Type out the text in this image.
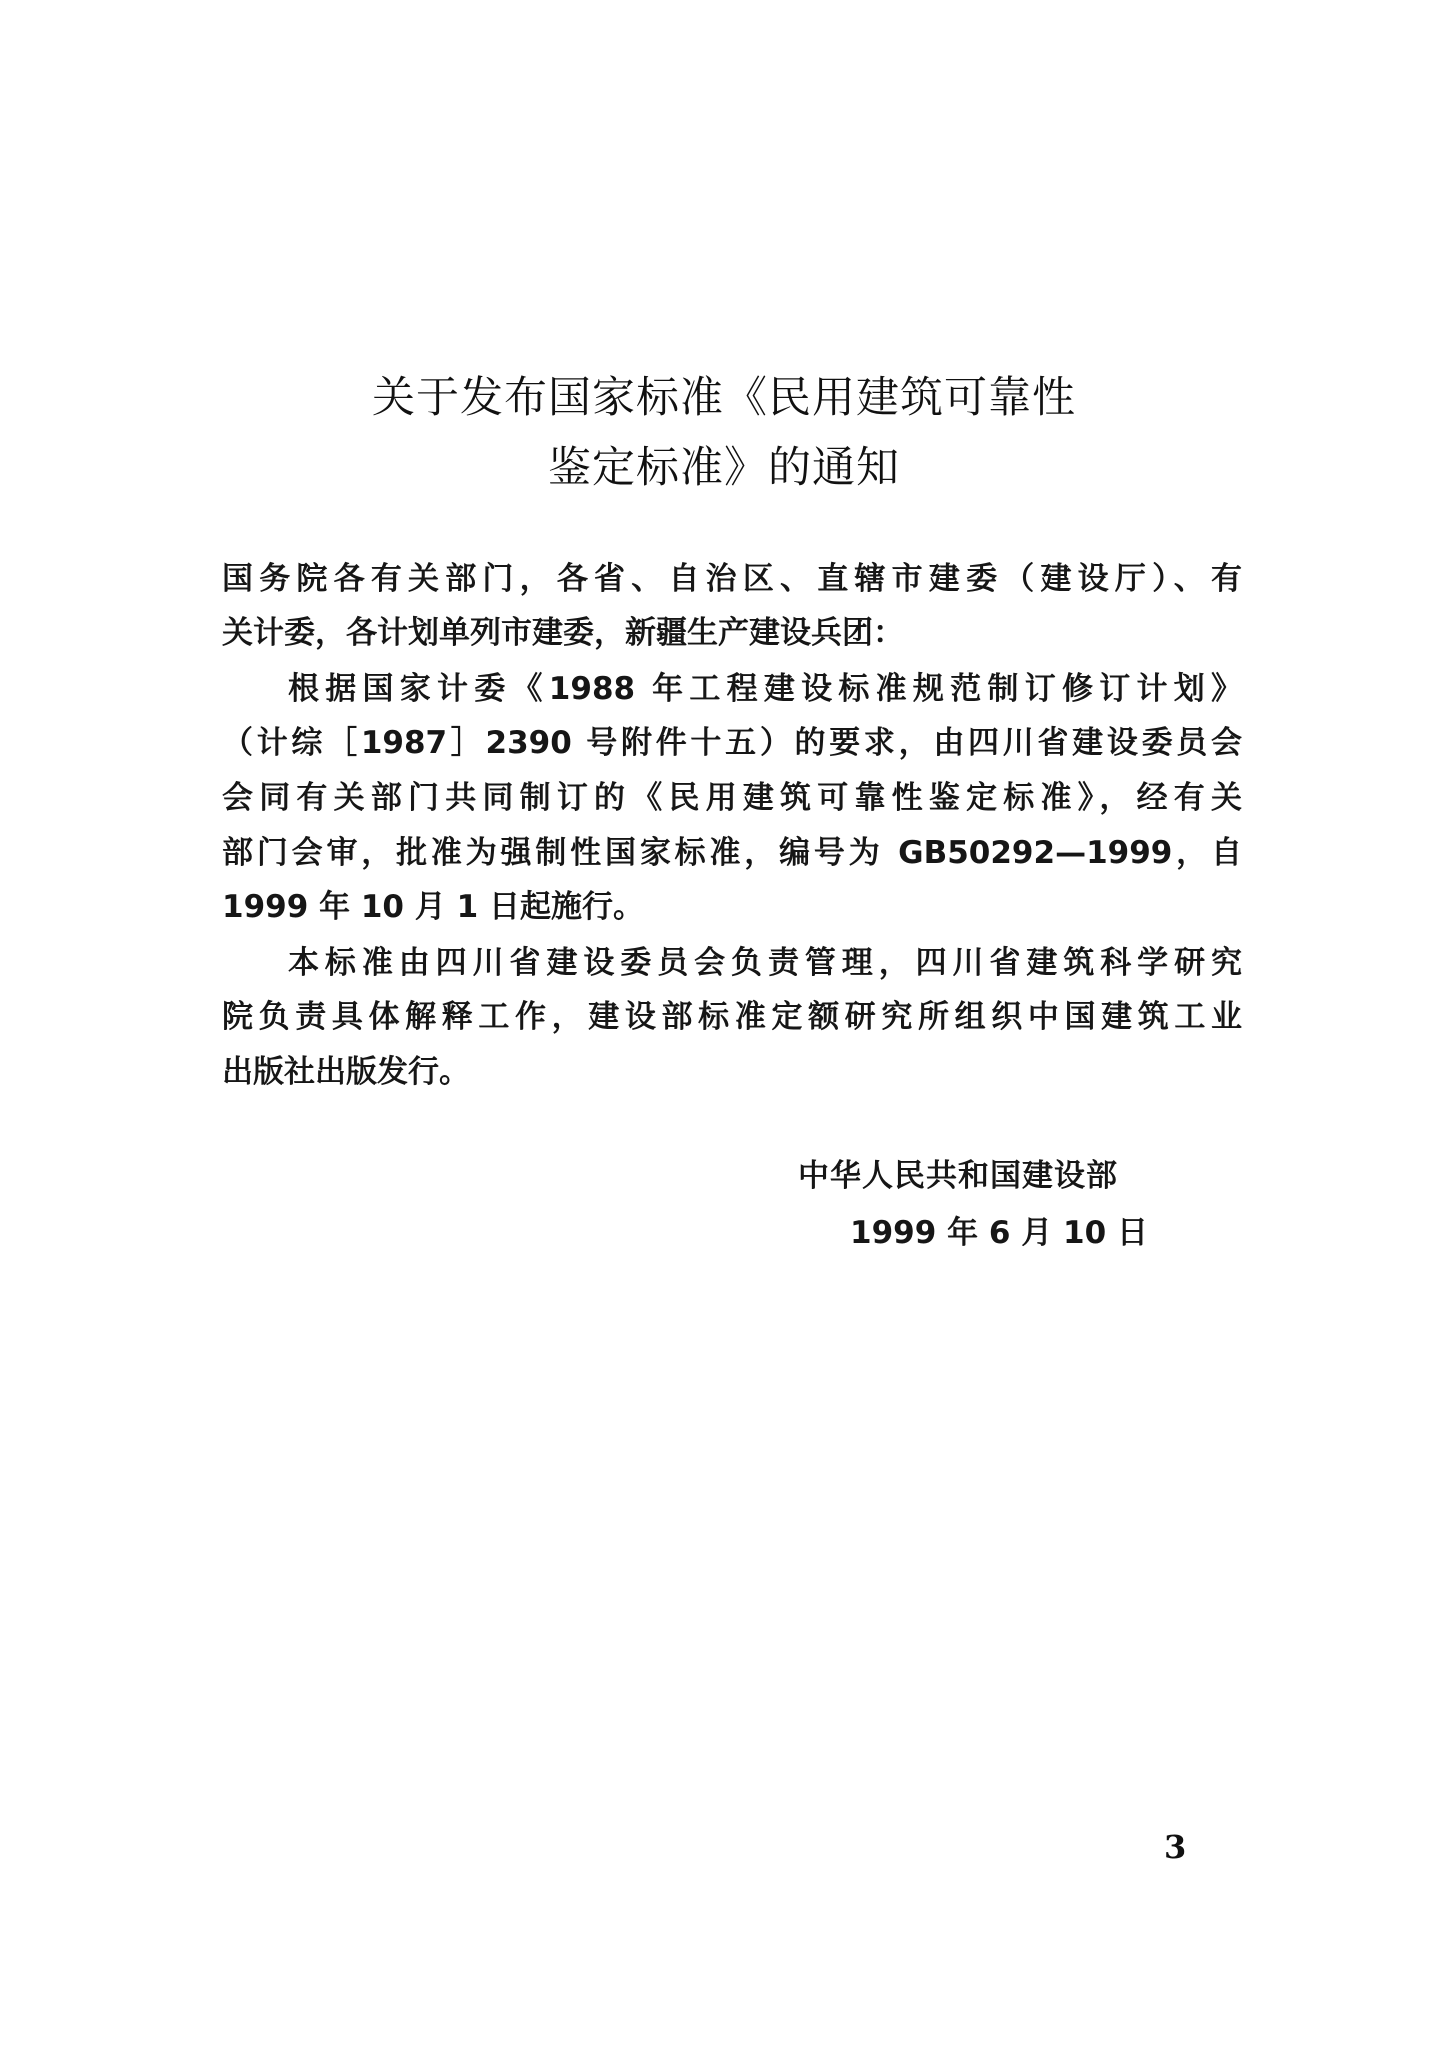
关于发布国家标准《民用建筑可靠性
鉴定标准》的通知
国务院各有关部门，各省、自治区、直辖市建委（建设厅）、有
关计委，各计划单列市建委，新疆生产建设兵团：
根据国家计委《1988 年工程建设标准规范制订修订计划》
（计综［1987］2390 号附件十五）的要求，由四川省建设委员会
会同有关部门共同制订的《民用建筑可靠性鉴定标准》，经有关
部门会审，批准为强制性国家标准，编号为 GB50292—1999，自
1999 年 10 月 1 日起施行。
本标准由四川省建设委员会负责管理，四川省建筑科学研究
院负责具体解释工作，建设部标准定额研究所组织中国建筑工业
出版社出版发行。
中华人民共和国建设部
1999 年 6 月 10 日
3
